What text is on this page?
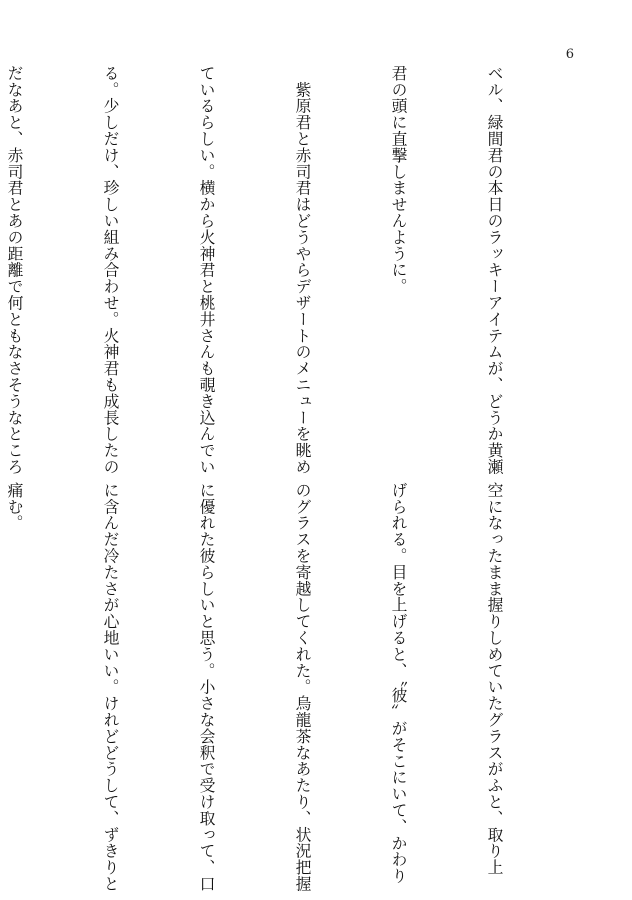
6

ベル、緑間君の本日のラッキーアイテムが、どうか黄瀬

君の頭に直撃しませんように。

　紫原君と赤司君はどうやらデザートのメニューを眺め

ているらしい。横から火神君と桃井さんも覗き込んでい

る。少しだけ、珍しい組み合わせ。火神君も成長したの

だなあと、赤司君とあの距離で何ともなさそうなところ

空になったまま握りしめていたグラスがふと、取り上

げられる。目を上げると、〝彼〟がそこにいて、かわり

のグラスを寄越してくれた。烏龍茶なあたり、状況把握

に優れた彼らしいと思う。小さな会釈で受け取って、口

に含んだ冷たさが心地いい。けれどどうして、ずきりと

痛む。
